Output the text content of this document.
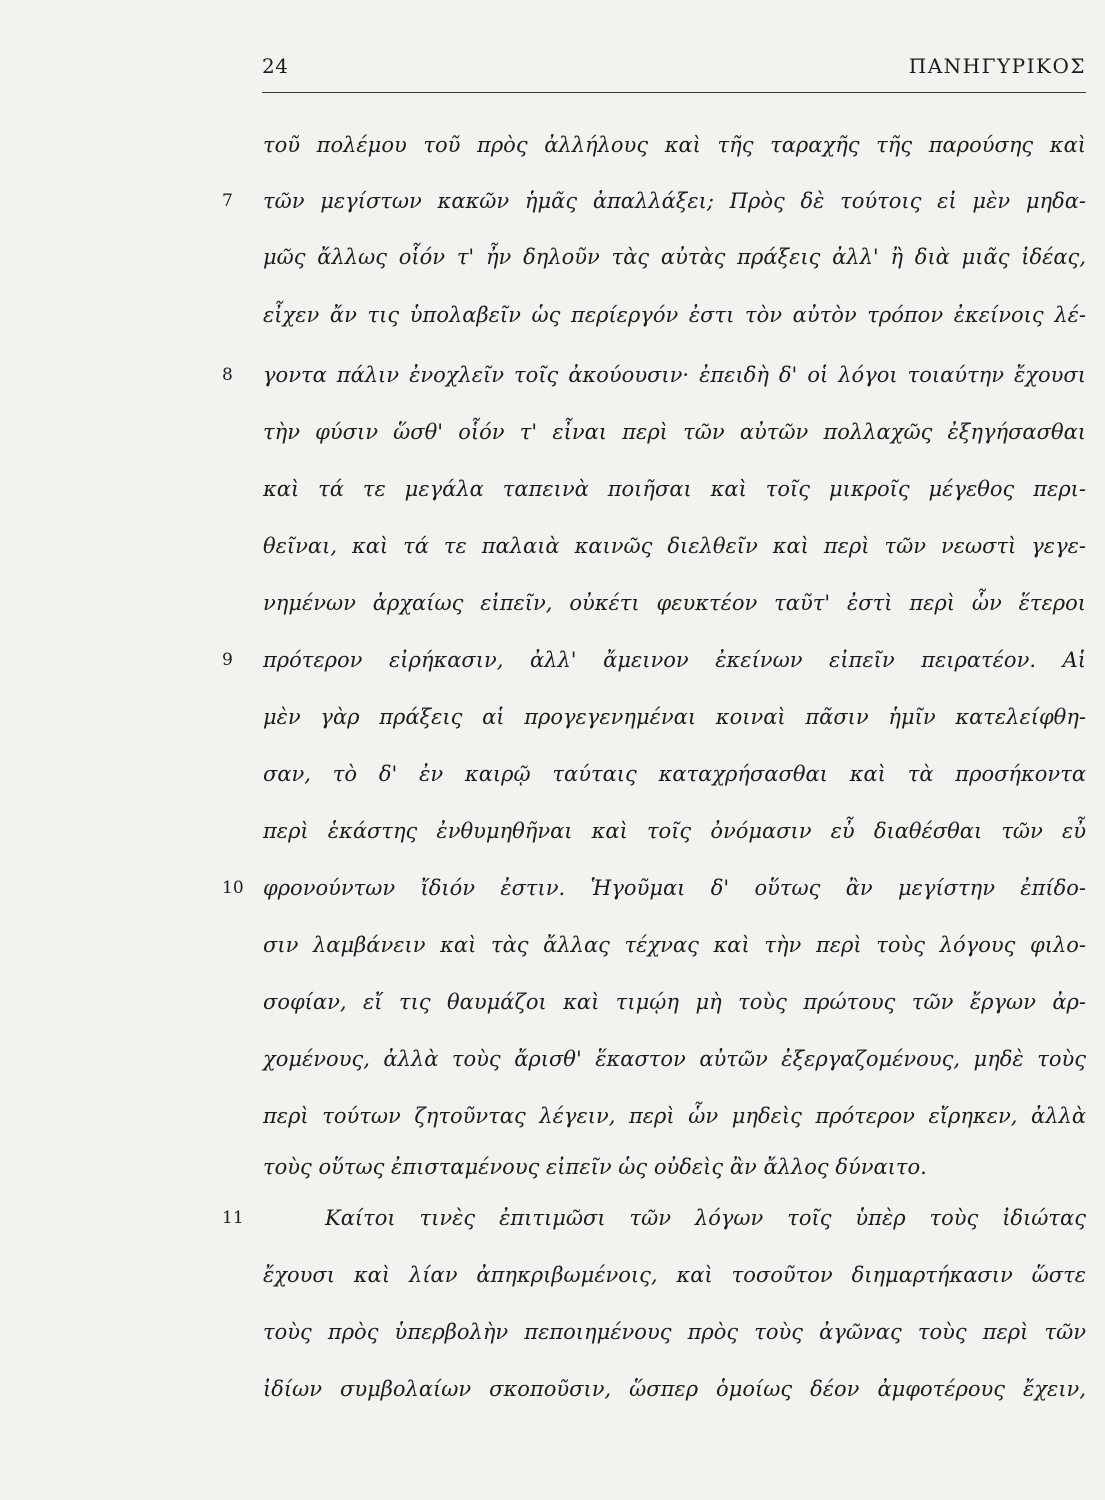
24	ΠΑΝΗΓΥΡΙΚΟΣ
7
8
9
10
11
τοῦ πολέμου τοῦ πρὸς ἀλλήλους καὶ τῆς ταραχῆς τῆς παρούσης καὶ
τῶν μεγίστων κακῶν ἡμᾶς ἀπαλλάξει; Πρὸς δὲ τούτοις εἰ μὲν μηδα-
μῶς ἄλλως οἷόν τ' ἦν δηλοῦν τὰς αὐτὰς πράξεις ἀλλ' ἢ διὰ μιᾶς ἰδέας,
εἶχεν ἄν τις ὑπολαβεῖν ὡς περίεργόν ἐστι τὸν αὐτὸν τρόπον ἐκείνοις λέ-
γοντα πάλιν ἐνοχλεῖν τοῖς ἀκούουσιν· ἐπειδὴ δ' οἱ λόγοι τοιαύτην ἔχουσι
τὴν φύσιν ὥσθ' οἷόν τ' εἶναι περὶ τῶν αὐτῶν πολλαχῶς ἐξηγήσασθαι
καὶ τά τε μεγάλα ταπεινὰ ποιῆσαι καὶ τοῖς μικροῖς μέγεθος περι-
θεῖναι, καὶ τά τε παλαιὰ καινῶς διελθεῖν καὶ περὶ τῶν νεωστὶ γεγε-
νημένων ἀρχαίως εἰπεῖν, οὐκέτι φευκτέον ταῦτ' ἐστὶ περὶ ὧν ἕτεροι
πρότερον εἰρήκασιν, ἀλλ' ἄμεινον ἐκείνων εἰπεῖν πειρατέον. Αἱ
μὲν γὰρ πράξεις αἱ προγεγενημέναι κοιναὶ πᾶσιν ἡμῖν κατελείφθη-
σαν, τὸ δ' ἐν καιρῷ ταύταις καταχρήσασθαι καὶ τὰ προσήκοντα
περὶ ἑκάστης ἐνθυμηθῆναι καὶ τοῖς ὀνόμασιν εὖ διαθέσθαι τῶν εὖ
φρονούντων ἴδιόν ἐστιν. Ἡγοῦμαι δ' οὕτως ἂν μεγίστην ἐπίδο-
σιν λαμβάνειν καὶ τὰς ἄλλας τέχνας καὶ τὴν περὶ τοὺς λόγους φιλο-
σοφίαν, εἴ τις θαυμάζοι καὶ τιμῴη μὴ τοὺς πρώτους τῶν ἔργων ἀρ-
χομένους, ἀλλὰ τοὺς ἄρισθ' ἕκαστον αὐτῶν ἐξεργαζομένους, μηδὲ τοὺς
περὶ τούτων ζητοῦντας λέγειν, περὶ ὧν μηδεὶς πρότερον εἴρηκεν, ἀλλὰ
τοὺς οὕτως ἐπισταμένους εἰπεῖν ὡς οὐδεὶς ἂν ἄλλος δύναιτο.
Καίτοι τινὲς ἐπιτιμῶσι τῶν λόγων τοῖς ὑπὲρ τοὺς ἰδιώτας
ἔχουσι καὶ λίαν ἀπηκριβωμένοις, καὶ τοσοῦτον διημαρτήκασιν ὥστε
τοὺς πρὸς ὑπερβολὴν πεποιημένους πρὸς τοὺς ἀγῶνας τοὺς περὶ τῶν
ἰδίων συμβολαίων σκοποῦσιν, ὥσπερ ὁμοίως δέον ἀμφοτέρους ἔχειν,
